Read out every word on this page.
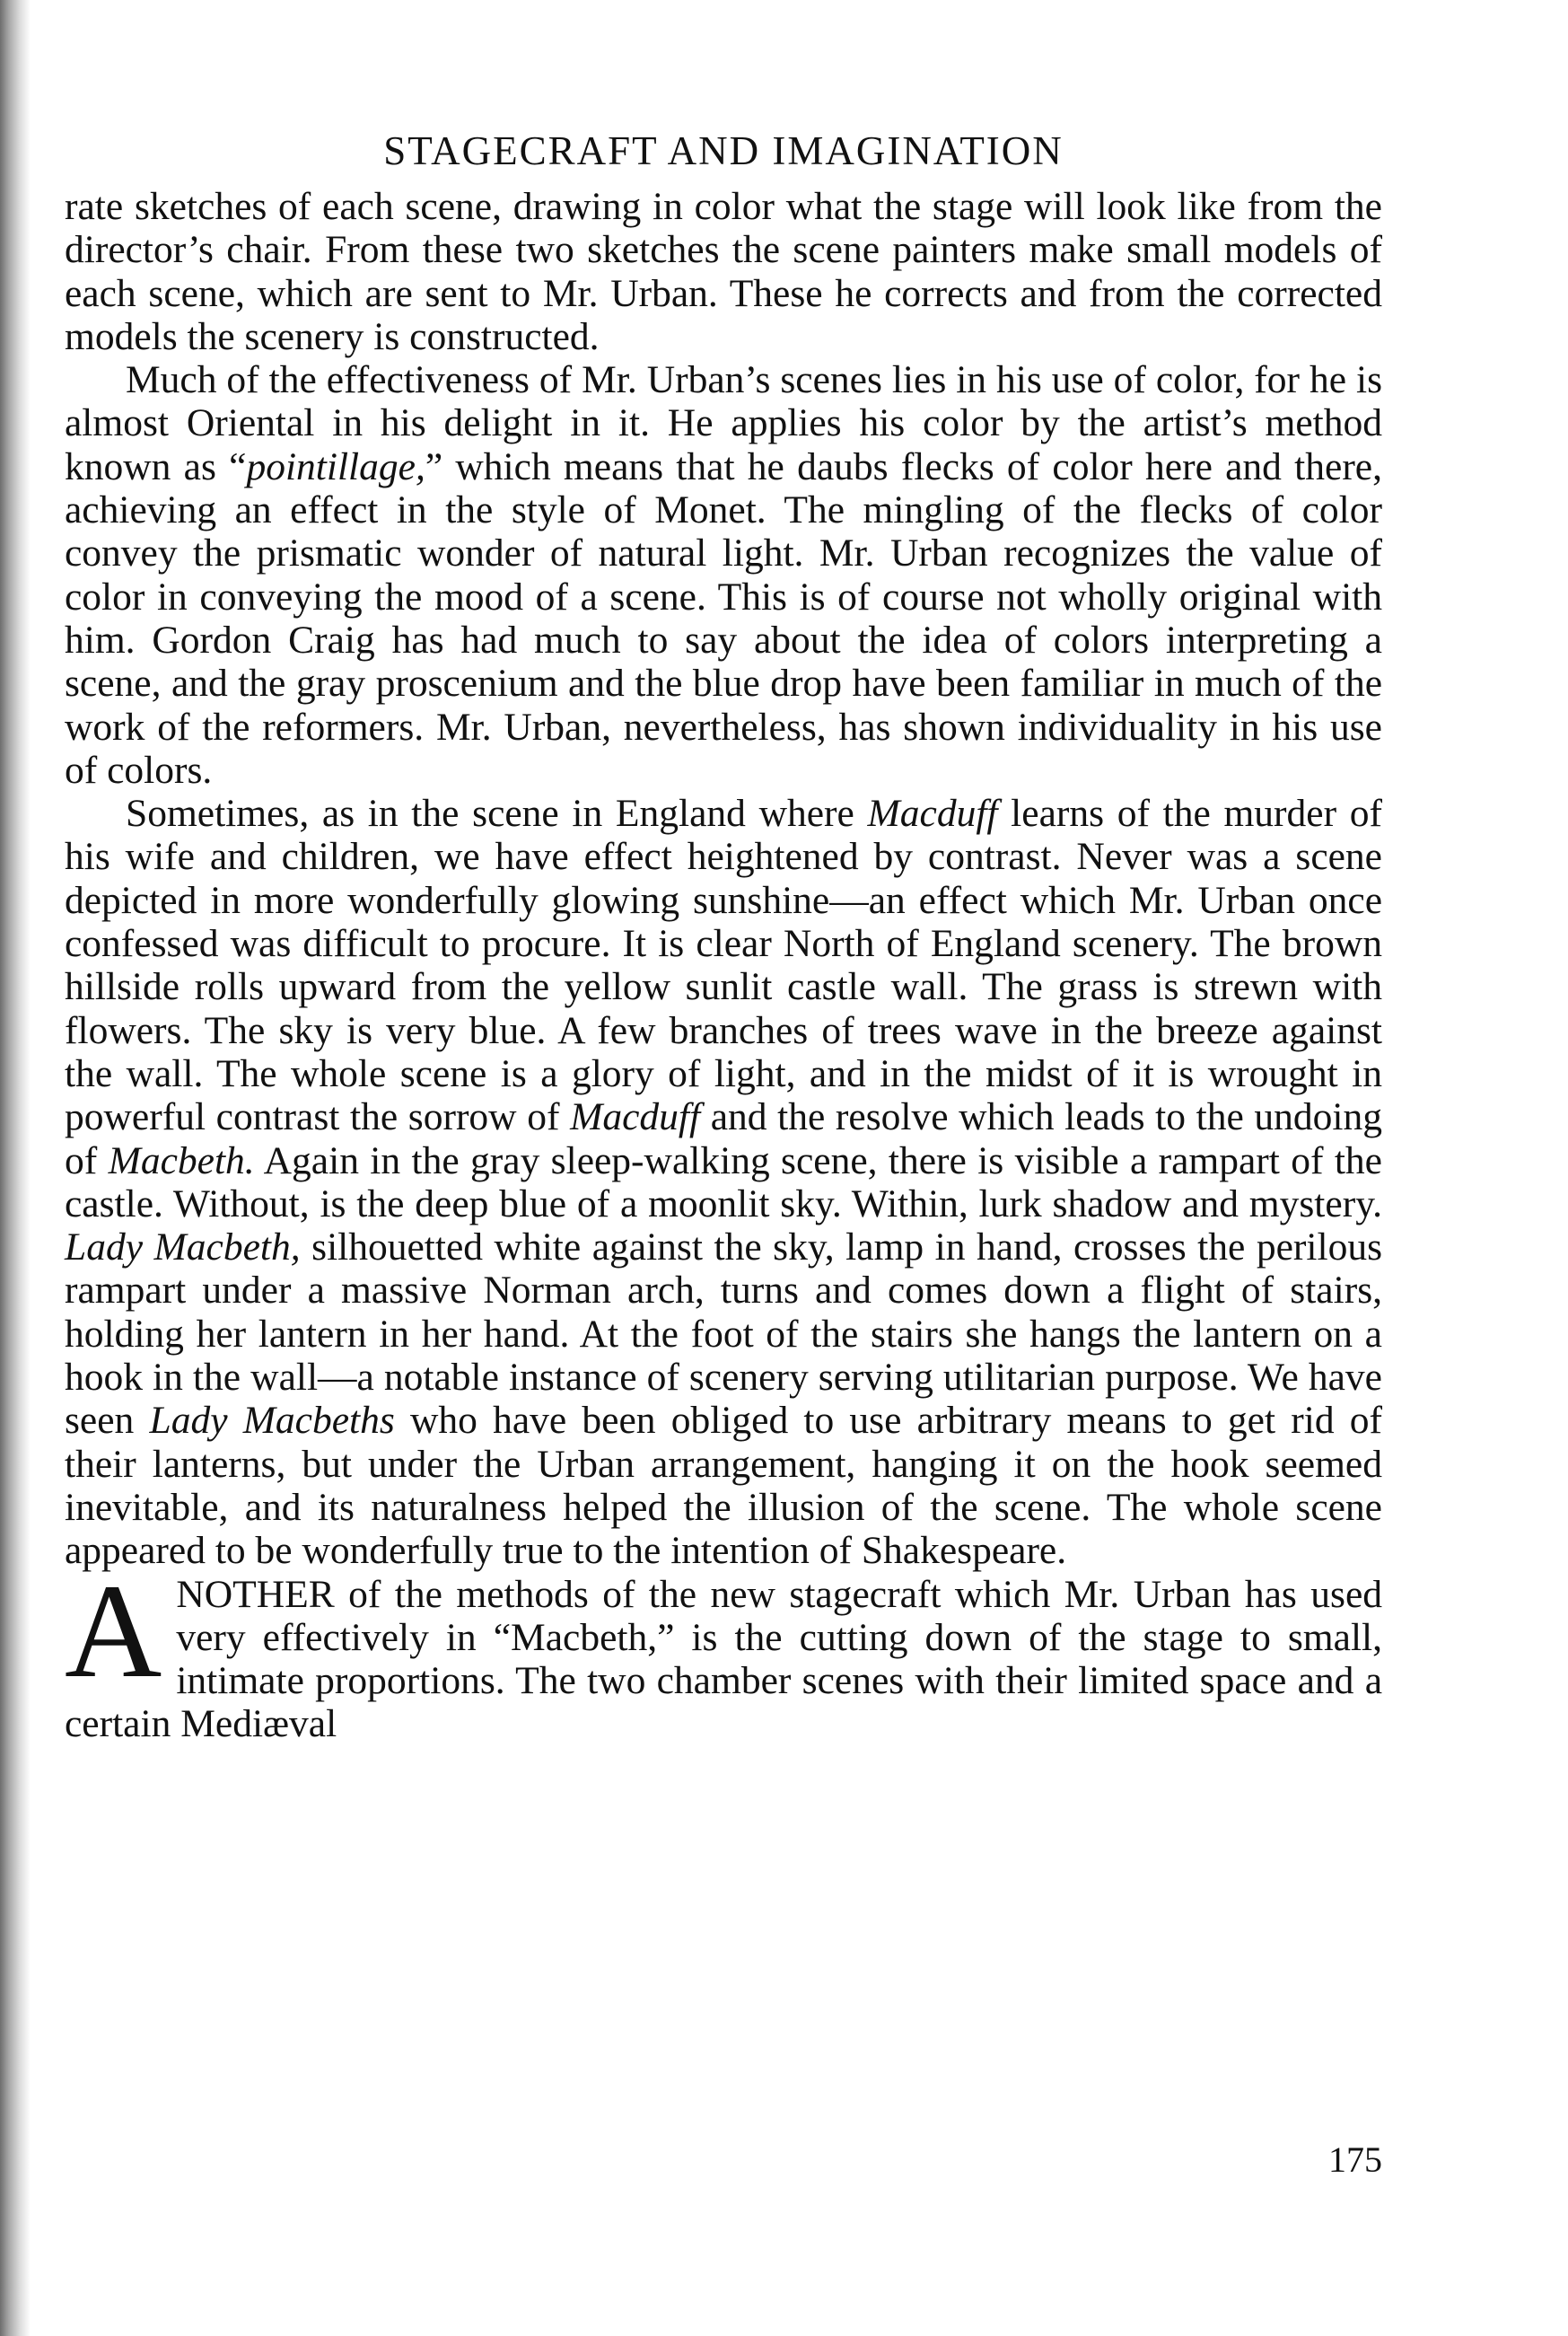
STAGECRAFT AND IMAGINATION

rate sketches of each scene, drawing in color what the stage will look like from the director’s chair. From these two sketches the scene painters make small models of each scene, which are sent to Mr. Urban. These he corrects and from the corrected models the scenery is constructed.

Much of the effectiveness of Mr. Urban’s scenes lies in his use of color, for he is almost Oriental in his delight in it. He applies his color by the artist’s method known as “pointillage,” which means that he daubs flecks of color here and there, achieving an effect in the style of Monet. The mingling of the flecks of color convey the prismatic wonder of natural light. Mr. Urban recognizes the value of color in conveying the mood of a scene. This is of course not wholly original with him. Gordon Craig has had much to say about the idea of colors interpreting a scene, and the gray proscenium and the blue drop have been familiar in much of the work of the reformers. Mr. Urban, nevertheless, has shown individuality in his use of colors.

Sometimes, as in the scene in England where Macduff learns of the murder of his wife and children, we have effect heightened by contrast. Never was a scene depicted in more wonderfully glowing sunshine—an effect which Mr. Urban once confessed was difficult to procure. It is clear North of England scenery. The brown hillside rolls upward from the yellow sunlit castle wall. The grass is strewn with flowers. The sky is very blue. A few branches of trees wave in the breeze against the wall. The whole scene is a glory of light, and in the midst of it is wrought in powerful contrast the sorrow of Macduff and the resolve which leads to the undoing of Macbeth. Again in the gray sleep-walking scene, there is visible a rampart of the castle. Without, is the deep blue of a moonlit sky. Within, lurk shadow and mystery. Lady Macbeth, silhouetted white against the sky, lamp in hand, crosses the perilous rampart under a massive Norman arch, turns and comes down a flight of stairs, holding her lantern in her hand. At the foot of the stairs she hangs the lantern on a hook in the wall—a notable instance of scenery serving utilitarian purpose. We have seen Lady Macbeths who have been obliged to use arbitrary means to get rid of their lanterns, but under the Urban arrangement, hanging it on the hook seemed inevitable, and its naturalness helped the illusion of the scene. The whole scene appeared to be wonderfully true to the intention of Shakespeare.

ANOTHER of the methods of the new stagecraft which Mr. Urban has used very effectively in “Macbeth,” is the cutting down of the stage to small, intimate proportions. The two chamber scenes with their limited space and a certain Mediæval

175
